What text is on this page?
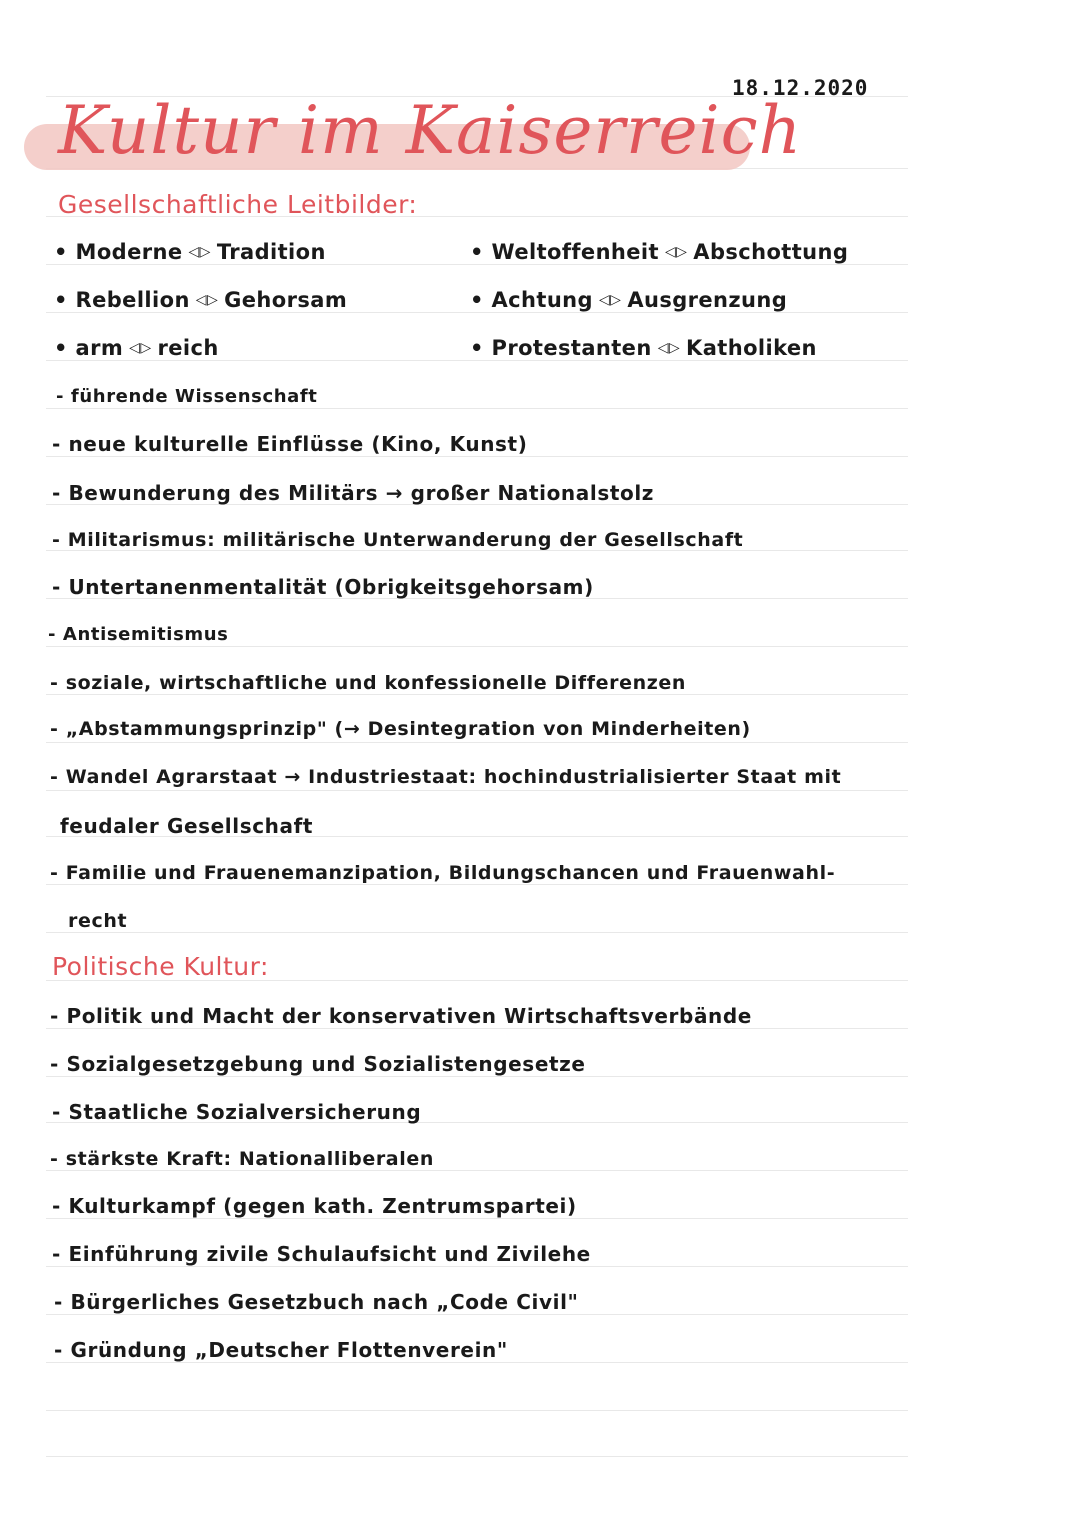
18.12.2020
Kultur im Kaiserreich
Gesellschaftliche Leitbilder:
• Moderne ◁▷ Tradition
• Rebellion ◁▷ Gehorsam
• arm ◁▷ reich
• Weltoffenheit ◁▷ Abschottung
• Achtung ◁▷ Ausgrenzung
• Protestanten ◁▷ Katholiken
- führende Wissenschaft
- neue kulturelle Einflüsse (Kino, Kunst)
- Bewunderung des Militärs → großer Nationalstolz
- Militarismus: militärische Unterwanderung der Gesellschaft
- Untertanenmentalität (Obrigkeitsgehorsam)
- Antisemitismus
- soziale, wirtschaftliche und konfessionelle Differenzen
- „Abstammungsprinzip" (→ Desintegration von Minderheiten)
- Wandel Agrarstaat → Industriestaat: hochindustrialisierter Staat mit
feudaler Gesellschaft
- Familie und Frauenemanzipation, Bildungschancen und Frauenwahl-
recht
Politische Kultur:
- Politik und Macht der konservativen Wirtschaftsverbände
- Sozialgesetzgebung und Sozialistengesetze
- Staatliche Sozialversicherung
- stärkste Kraft: Nationalliberalen
- Kulturkampf (gegen kath. Zentrumspartei)
- Einführung zivile Schulaufsicht und Zivilehe
- Bürgerliches Gesetzbuch nach „Code Civil"
- Gründung „Deutscher Flottenverein"
